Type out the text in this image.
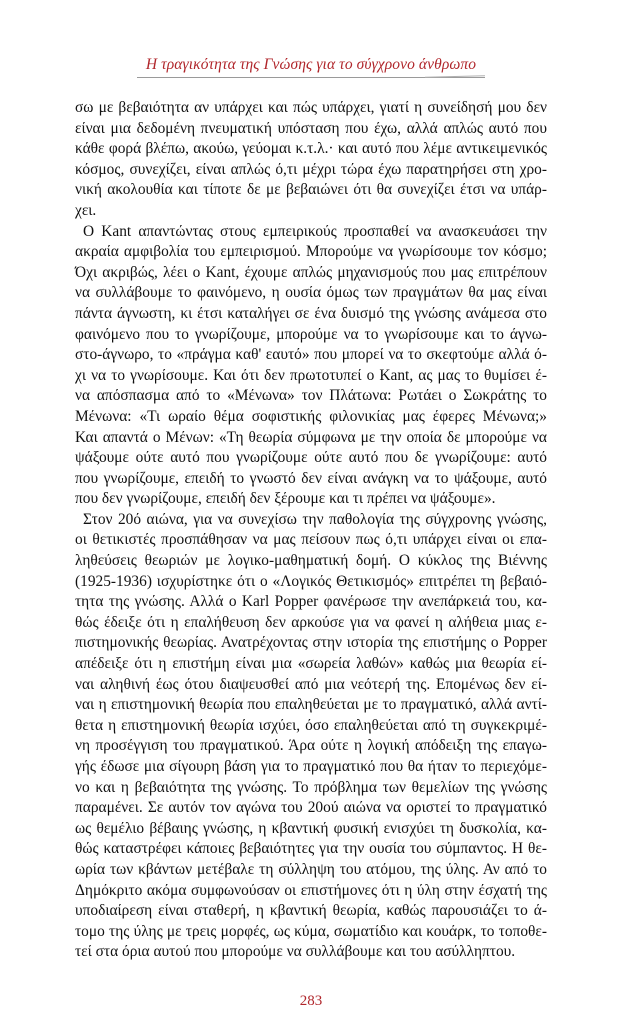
Η τραγικότητα της Γνώσης για το σύγχρονο άνθρωπο
σω με βεβαιότητα αν υπάρχει και πώς υπάρχει, γιατί η συνείδησή μου δεν
είναι μια δεδομένη πνευματική υπόσταση που έχω, αλλά απλώς αυτό που
κάθε φορά βλέπω, ακούω, γεύομαι κ.τ.λ.· και αυτό που λέμε αντικειμενικός
κόσμος, συνεχίζει, είναι απλώς ό,τι μέχρι τώρα έχω παρατηρήσει στη χρο-
νική ακολουθία και τίποτε δε με βεβαιώνει ότι θα συνεχίζει έτσι να υπάρ-
χει.
Ο Kant απαντώντας στους εμπειρικούς προσπαθεί να ανασκευάσει την
ακραία αμφιβολία του εμπειρισμού. Μπορούμε να γνωρίσουμε τον κόσμο;
Όχι ακριβώς, λέει ο Kant, έχουμε απλώς μηχανισμούς που μας επιτρέπουν
να συλλάβουμε το φαινόμενο, η ουσία όμως των πραγμάτων θα μας είναι
πάντα άγνωστη, κι έτσι καταλήγει σε ένα δυισμό της γνώσης ανάμεσα στο
φαινόμενο που το γνωρίζουμε, μπορούμε να το γνωρίσουμε και το άγνω-
στο-άγνωρο, το «πράγμα καθ' εαυτό» που μπορεί να το σκεφτούμε αλλά ό-
χι να το γνωρίσουμε. Και ότι δεν πρωτοτυπεί ο Kant, ας μας το θυμίσει έ-
να απόσπασμα από το «Μένωνα» τον Πλάτωνα: Ρωτάει ο Σωκράτης το
Μένωνα: «Τι ωραίο θέμα σοφιστικής φιλονικίας μας έφερες Μένωνα;»
Και απαντά ο Μένων: «Τη θεωρία σύμφωνα με την οποία δε μπορούμε να
ψάξουμε ούτε αυτό που γνωρίζουμε ούτε αυτό που δε γνωρίζουμε: αυτό
που γνωρίζουμε, επειδή το γνωστό δεν είναι ανάγκη να το ψάξουμε, αυτό
που δεν γνωρίζουμε, επειδή δεν ξέρουμε και τι πρέπει να ψάξουμε».
Στον 20ό αιώνα, για να συνεχίσω την παθολογία της σύγχρονης γνώσης,
οι θετικιστές προσπάθησαν να μας πείσουν πως ό,τι υπάρχει είναι οι επα-
ληθεύσεις θεωριών με λογικο-μαθηματική δομή. Ο κύκλος της Βιέννης
(1925-1936) ισχυρίστηκε ότι ο «Λογικός Θετικισμός» επιτρέπει τη βεβαιό-
τητα της γνώσης. Αλλά ο Karl Popper φανέρωσε την ανεπάρκειά του, κα-
θώς έδειξε ότι η επαλήθευση δεν αρκούσε για να φανεί η αλήθεια μιας ε-
πιστημονικής θεωρίας. Ανατρέχοντας στην ιστορία της επιστήμης ο Popper
απέδειξε ότι η επιστήμη είναι μια «σωρεία λαθών» καθώς μια θεωρία εί-
ναι αληθινή έως ότου διαψευσθεί από μια νεότερή της. Επομένως δεν εί-
ναι η επιστημονική θεωρία που επαληθεύεται με το πραγματικό, αλλά αντί-
θετα η επιστημονική θεωρία ισχύει, όσο επαληθεύεται από τη συγκεκριμέ-
νη προσέγγιση του πραγματικού. Άρα ούτε η λογική απόδειξη της επαγω-
γής έδωσε μια σίγουρη βάση για το πραγματικό που θα ήταν το περιεχόμε-
νο και η βεβαιότητα της γνώσης. Το πρόβλημα των θεμελίων της γνώσης
παραμένει. Σε αυτόν τον αγώνα του 20ού αιώνα να οριστεί το πραγματικό
ως θεμέλιο βέβαιης γνώσης, η κβαντική φυσική ενισχύει τη δυσκολία, κα-
θώς καταστρέφει κάποιες βεβαιότητες για την ουσία του σύμπαντος. Η θε-
ωρία των κβάντων μετέβαλε τη σύλληψη του ατόμου, της ύλης. Αν από το
Δημόκριτο ακόμα συμφωνούσαν οι επιστήμονες ότι η ύλη στην έσχατή της
υποδιαίρεση είναι σταθερή, η κβαντική θεωρία, καθώς παρουσιάζει το ά-
τομο της ύλης με τρεις μορφές, ως κύμα, σωματίδιο και κουάρκ, το τοποθε-
τεί στα όρια αυτού που μπορούμε να συλλάβουμε και του ασύλληπτου.
283
